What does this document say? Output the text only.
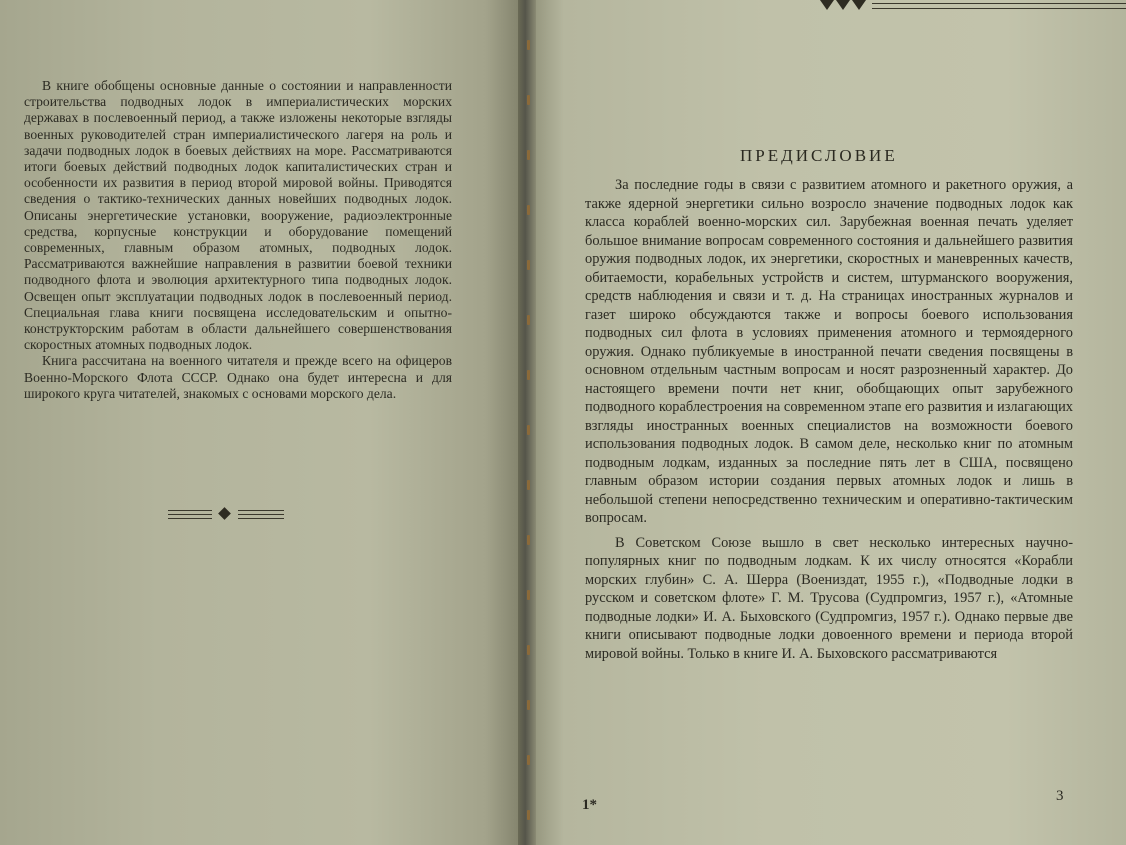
В книге обобщены основные данные о состоянии и направленности строительства подводных лодок в империалистических морских державах в послевоенный период, а также изложены некоторые взгляды военных руководителей стран империалистического лагеря на роль и задачи подводных лодок в боевых действиях на море. Рассматриваются итоги боевых действий подводных лодок капиталистических стран и особенности их развития в период второй мировой войны. Приводятся сведения о тактико-технических данных новейших подводных лодок. Описаны энергетические установки, вооружение, радиоэлектронные средства, корпусные конструкции и оборудование помещений современных, главным образом атомных, подводных лодок. Рассматриваются важнейшие направления в развитии боевой техники подводного флота и эволюция архитектурного типа подводных лодок. Освещен опыт эксплуатации подводных лодок в послевоенный период. Специальная глава книги посвящена исследовательским и опытно-конструкторским работам в области дальнейшего совершенствования скоростных атомных подводных лодок.

Книга рассчитана на военного читателя и прежде всего на офицеров Военно-Морского Флота СССР. Однако она будет интересна и для широкого круга читателей, знакомых с основами морского дела.

ПРЕДИСЛОВИЕ

За последние годы в связи с развитием атомного и ракетного оружия, а также ядерной энергетики сильно возросло значение подводных лодок как класса кораблей военно-морских сил. Зарубежная военная печать уделяет большое внимание вопросам современного состояния и дальнейшего развития оружия подводных лодок, их энергетики, скоростных и маневренных качеств, обитаемости, корабельных устройств и систем, штурманского вооружения, средств наблюдения и связи и т. д. На страницах иностранных журналов и газет широко обсуждаются также и вопросы боевого использования подводных сил флота в условиях применения атомного и термоядерного оружия. Однако публикуемые в иностранной печати сведения посвящены в основном отдельным частным вопросам и носят разрозненный характер. До настоящего времени почти нет книг, обобщающих опыт зарубежного подводного кораблестроения на современном этапе его развития и излагающих взгляды иностранных военных специалистов на возможности боевого использования подводных лодок. В самом деле, несколько книг по атомным подводным лодкам, изданных за последние пять лет в США, посвящено главным образом истории создания первых атомных лодок и лишь в небольшой степени непосредственно техническим и оперативно-тактическим вопросам.

В Советском Союзе вышло в свет несколько интересных научно-популярных книг по подводным лодкам. К их числу относятся «Корабли морских глубин» С. А. Шерра (Воениздат, 1955 г.), «Подводные лодки в русском и советском флоте» Г. М. Трусова (Судпромгиз, 1957 г.), «Атомные подводные лодки» И. А. Быховского (Судпромгиз, 1957 г.). Однако первые две книги описывают подводные лодки довоенного времени и периода второй мировой войны. Только в книге И. А. Быховского рассматриваются

1*
3
